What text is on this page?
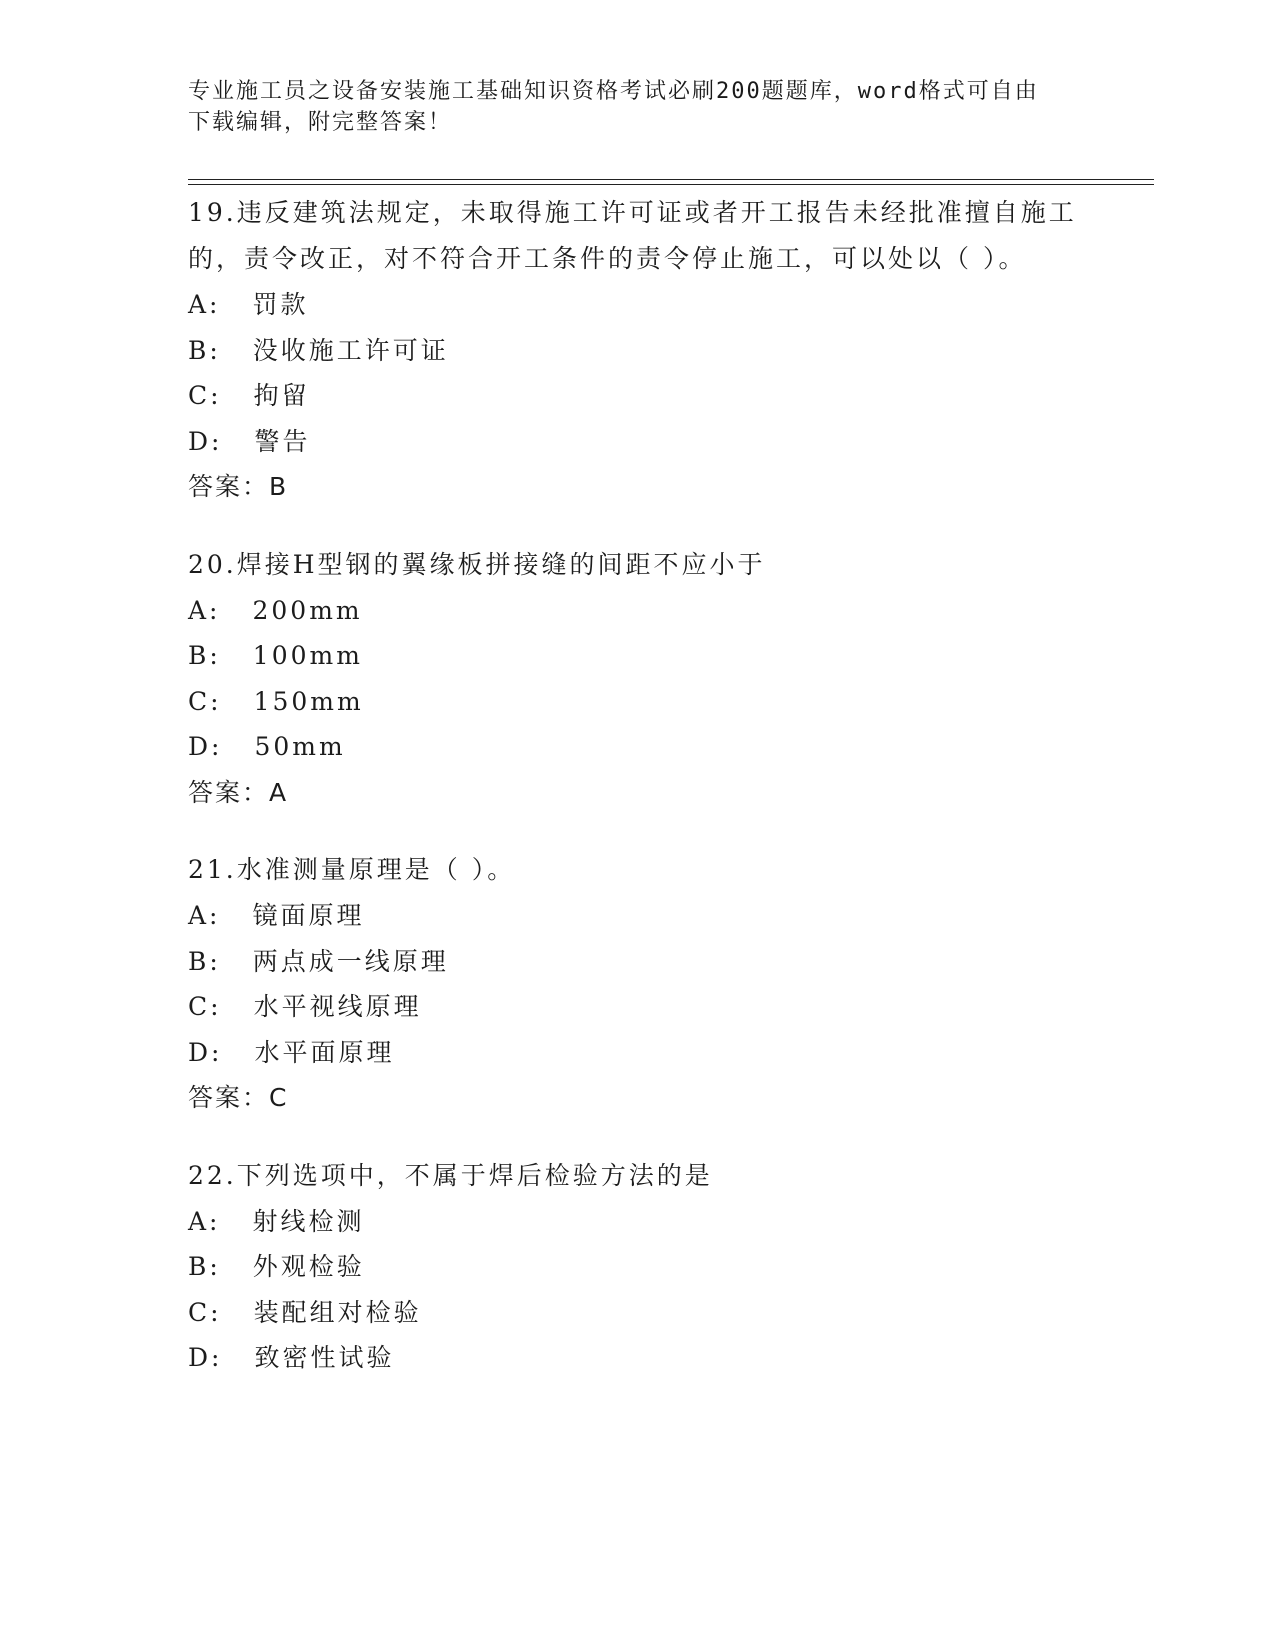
专业施工员之设备安装施工基础知识资格考试必刷200题题库，word格式可自由
下载编辑，附完整答案！
19.违反建筑法规定，未取得施工许可证或者开工报告未经批准擅自施工的，责令改正，对不符合开工条件的责令停止施工，可以处以（ ）。
A: 罚款
B: 没收施工许可证
C: 拘留
D: 警告
答案：B
20.焊接H型钢的翼缘板拼接缝的间距不应小于
A: 200mm
B: 100mm
C: 150mm
D: 50mm
答案：A
21.水准测量原理是（ ）。
A: 镜面原理
B: 两点成一线原理
C: 水平视线原理
D: 水平面原理
答案：C
22.下列选项中，不属于焊后检验方法的是
A: 射线检测
B: 外观检验
C: 装配组对检验
D: 致密性试验
